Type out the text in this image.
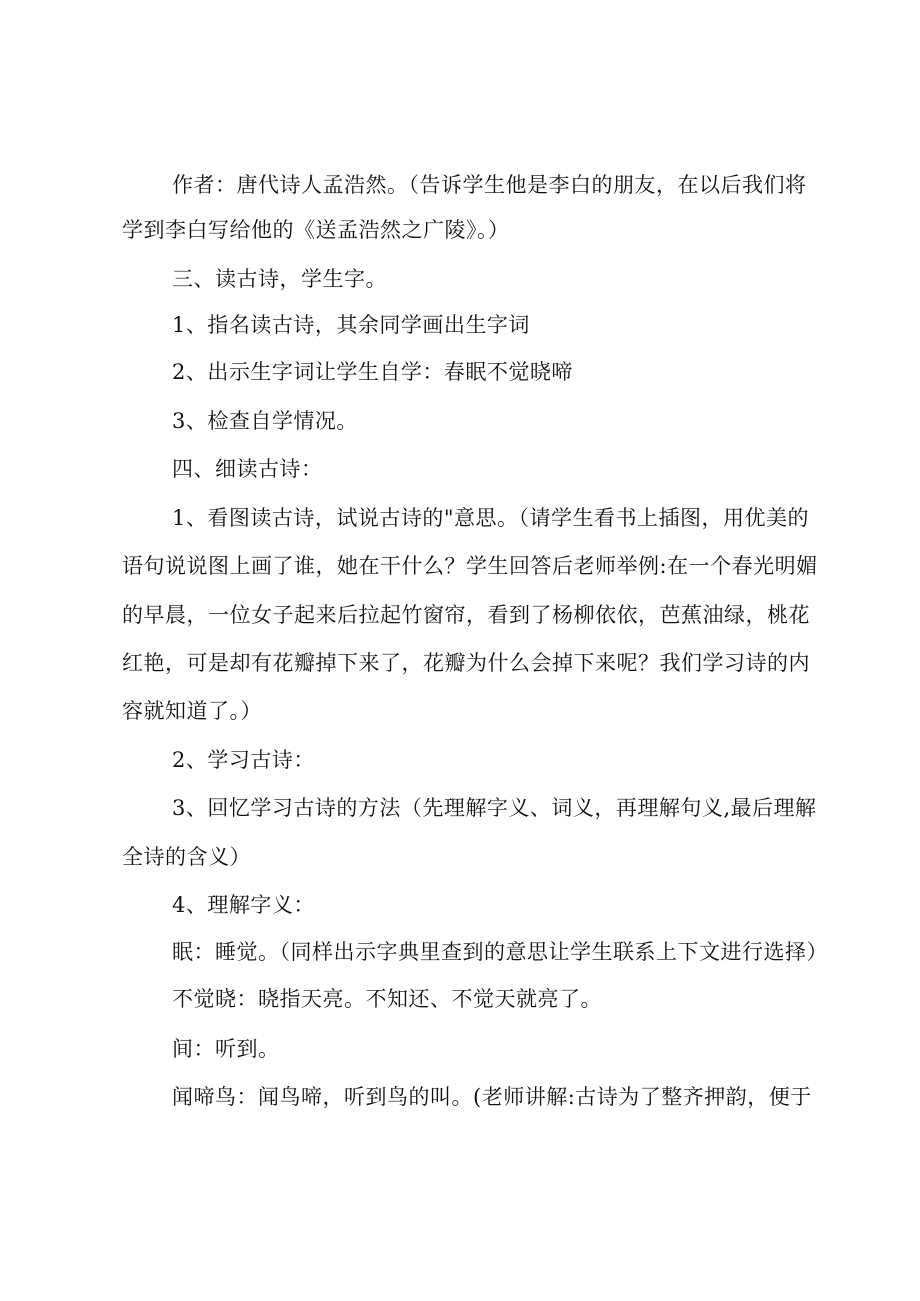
作者：唐代诗人孟浩然。（告诉学生他是李白的朋友，在以后我们将
学到李白写给他的《送孟浩然之广陵》。）
三、读古诗，学生字。
1、指名读古诗，其余同学画出生字词
2、出示生字词让学生自学：春眠不觉晓啼
3、检查自学情况。
四、细读古诗：
1、看图读古诗，试说古诗的"意思。（请学生看书上插图，用优美的
语句说说图上画了谁，她在干什么？学生回答后老师举例:在一个春光明媚
的早晨，一位女子起来后拉起竹窗帘，看到了杨柳依依，芭蕉油绿，桃花
红艳，可是却有花瓣掉下来了，花瓣为什么会掉下来呢？我们学习诗的内
容就知道了。）
2、学习古诗：
3、回忆学习古诗的方法（先理解字义、词义，再理解句义,最后理解
全诗的含义）
4、理解字义：
眠：睡觉。（同样出示字典里查到的意思让学生联系上下文进行选择）
不觉晓：晓指天亮。不知还、不觉天就亮了。
间：听到。
闻啼鸟：闻鸟啼，听到鸟的叫。(老师讲解:古诗为了整齐押韵，便于
